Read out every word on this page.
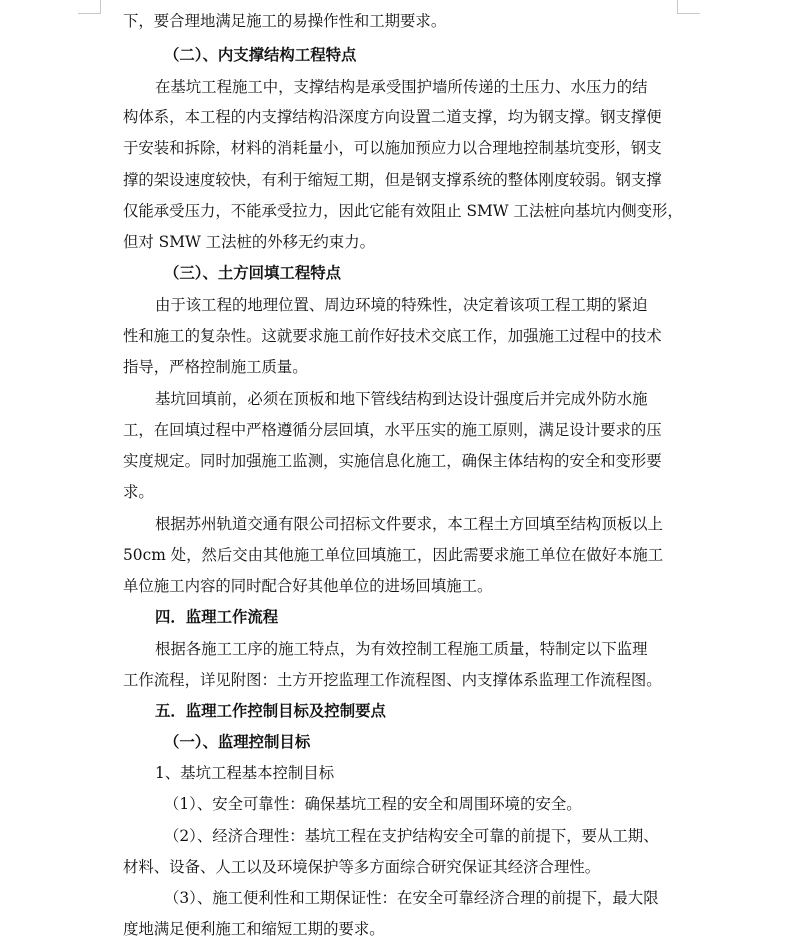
下，要合理地满足施工的易操作性和工期要求。
（二）、内支撑结构工程特点
在基坑工程施工中，支撑结构是承受围护墙所传递的土压力、水压力的结
构体系，本工程的内支撑结构沿深度方向设置二道支撑，均为钢支撑。钢支撑便
于安装和拆除，材料的消耗量小，可以施加预应力以合理地控制基坑变形，钢支
撑的架设速度较快，有利于缩短工期，但是钢支撑系统的整体刚度较弱。钢支撑
仅能承受压力，不能承受拉力，因此它能有效阻止 SMW 工法桩向基坑内侧变形，
但对 SMW 工法桩的外移无约束力。
（三）、土方回填工程特点
由于该工程的地理位置、周边环境的特殊性，决定着该项工程工期的紧迫
性和施工的复杂性。这就要求施工前作好技术交底工作，加强施工过程中的技术
指导，严格控制施工质量。
基坑回填前，必须在顶板和地下管线结构到达设计强度后并完成外防水施
工，在回填过程中严格遵循分层回填，水平压实的施工原则，满足设计要求的压
实度规定。同时加强施工监测，实施信息化施工，确保主体结构的安全和变形要
求。
根据苏州轨道交通有限公司招标文件要求，本工程土方回填至结构顶板以上
50cm 处，然后交由其他施工单位回填施工，因此需要求施工单位在做好本施工
单位施工内容的同时配合好其他单位的进场回填施工。
四．监理工作流程
根据各施工工序的施工特点，为有效控制工程施工质量，特制定以下监理
工作流程，详见附图：土方开挖监理工作流程图、内支撑体系监理工作流程图。
五．监理工作控制目标及控制要点
（一）、监理控制目标
1、基坑工程基本控制目标
（1）、安全可靠性：确保基坑工程的安全和周围环境的安全。
（2）、经济合理性：基坑工程在支护结构安全可靠的前提下，要从工期、
材料、设备、人工以及环境保护等多方面综合研究保证其经济合理性。
（3）、施工便利性和工期保证性：在安全可靠经济合理的前提下，最大限
度地满足便利施工和缩短工期的要求。
